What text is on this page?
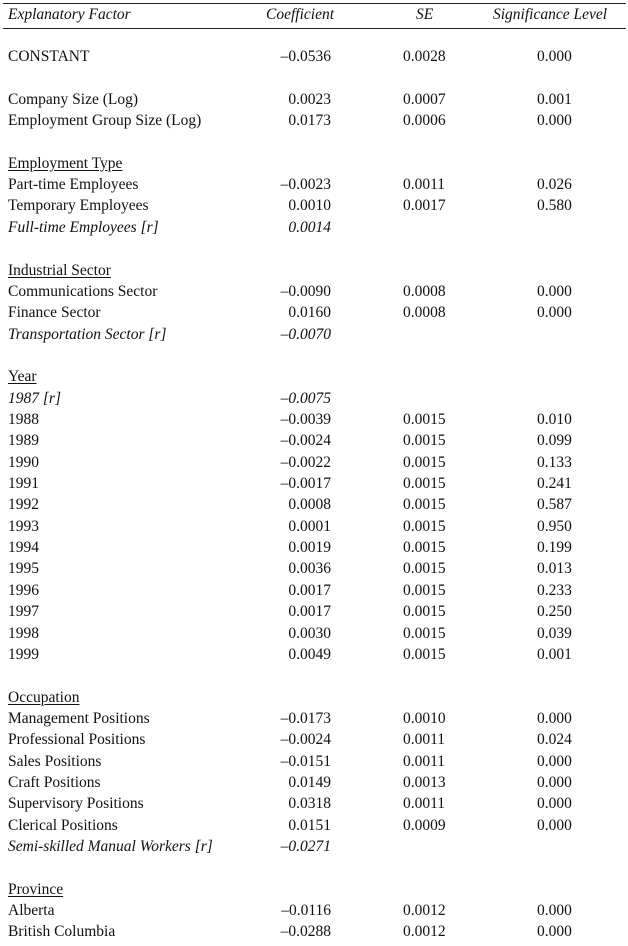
Explanatory Factor	Coefficient	SE	Significance Level
CONSTANT	–0.0536	0.0028	0.000
Company Size (Log)	0.0023	0.0007	0.001
Employment Group Size (Log)	0.0173	0.0006	0.000
Employment Type
Part-time Employees	–0.0023	0.0011	0.026
Temporary Employees	0.0010	0.0017	0.580
Full-time Employees [r]	0.0014
Industrial Sector
Communications Sector	–0.0090	0.0008	0.000
Finance Sector	0.0160	0.0008	0.000
Transportation Sector [r]	–0.0070
Year
1987 [r]	–0.0075
1988	–0.0039	0.0015	0.010
1989	–0.0024	0.0015	0.099
1990	–0.0022	0.0015	0.133
1991	–0.0017	0.0015	0.241
1992	0.0008	0.0015	0.587
1993	0.0001	0.0015	0.950
1994	0.0019	0.0015	0.199
1995	0.0036	0.0015	0.013
1996	0.0017	0.0015	0.233
1997	0.0017	0.0015	0.250
1998	0.0030	0.0015	0.039
1999	0.0049	0.0015	0.001
Occupation
Management Positions	–0.0173	0.0010	0.000
Professional Positions	–0.0024	0.0011	0.024
Sales Positions	–0.0151	0.0011	0.000
Craft Positions	0.0149	0.0013	0.000
Supervisory Positions	0.0318	0.0011	0.000
Clerical Positions	0.0151	0.0009	0.000
Semi-skilled Manual Workers [r]	–0.0271
Province
Alberta	–0.0116	0.0012	0.000
British Columbia	–0.0288	0.0012	0.000
